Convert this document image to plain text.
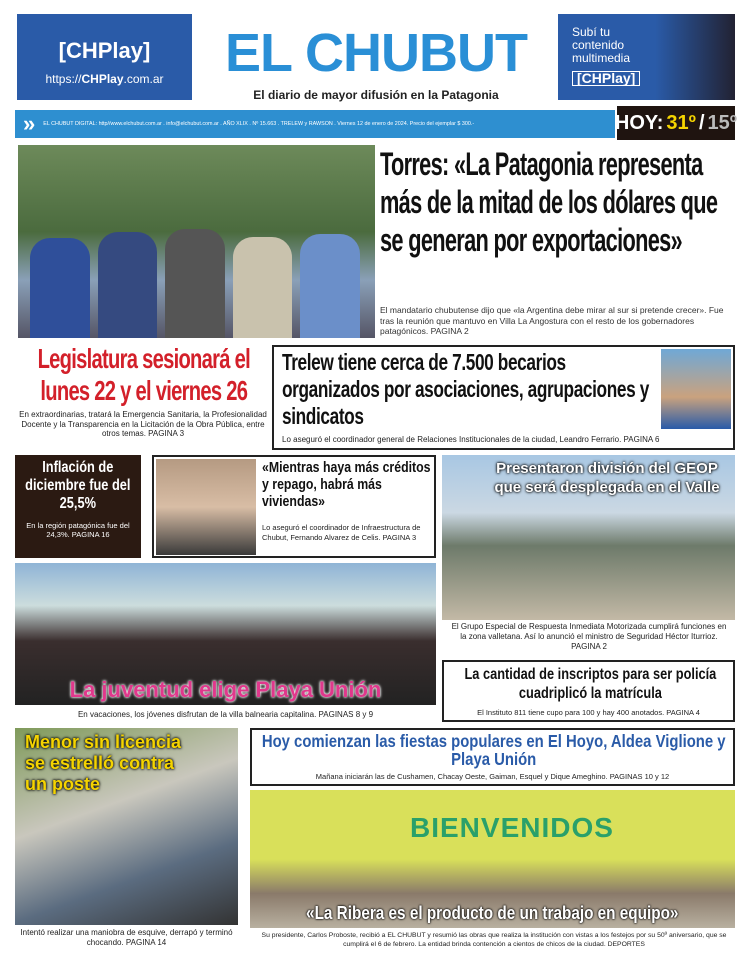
[CHPlay]
https://CHPlay.com.ar	EL CHUBUT
El diario de mayor difusión en la Patagonia
Subí tu
contenido
multimedia
[CHPlay]
»	EL CHUBUT DIGITAL: http//www.elchubut.com.ar . info@elchubut.com.ar . AÑO XLIX . Nº 15.663 . TRELEW y RAWSON . Viernes 12 de enero de 2024. Precio del ejemplar $ 300.-	HOY: 31º / 15º
Torres: «La Patagonia representa más de la mitad de los dólares que se generan por exportaciones»
El mandatario chubutense dijo que «la Argentina debe mirar al sur si pretende crecer». Fue tras la reunión que mantuvo en Villa La Angostura con el resto de los gobernadores patagónicos. PAGINA 2
Legislatura sesionará el lunes 22 y el viernes 26
En extraordinarias, tratará la Emergencia Sanitaria, la Profesionalidad Docente y la Transparencia en la Licitación de la Obra Pública, entre otros temas. PAGINA 3
Trelew tiene cerca de 7.500 becarios organizados por asociaciones, agrupaciones y sindicatos
Lo aseguró el coordinador general de Relaciones Institucionales de la ciudad, Leandro Ferrario. PAGINA 6
Inflación de diciembre fue del 25,5%
En la región patagónica fue del 24,3%. PAGINA 16
«Mientras haya más créditos y repago, habrá más viviendas»
Lo aseguró el coordinador de Infraestructura de Chubut, Fernando Alvarez de Celis. PAGINA 3
Presentaron división del GEOP que será desplegada en el Valle
El Grupo Especial de Respuesta Inmediata Motorizada cumplirá funciones en la zona valletana. Así lo anunció el ministro de Seguridad Héctor Iturrioz. PAGINA 2
La juventud elige Playa Unión
En vacaciones, los jóvenes disfrutan de la villa balnearia capitalina. PAGINAS 8 y 9
La cantidad de inscriptos para ser policía cuadriplicó la matrícula
El Instituto 811 tiene cupo para 100 y hay 400 anotados. PAGINA 4
Menor sin licencia se estrelló contra un poste
Intentó realizar una maniobra de esquive, derrapó y terminó chocando. PAGINA 14
Hoy comienzan las fiestas populares en El Hoyo, Aldea Viglione y Playa Unión
Mañana iniciarán las de Cushamen, Chacay Oeste, Gaiman, Esquel y Dique Ameghino. PAGINAS 10 y 12
BIENVENIDOS
«La Ribera es el producto de un trabajo en equipo»
Su presidente, Carlos Proboste, recibió a EL CHUBUT y resumió las obras que realiza la institución con vistas a los festejos por su 50º aniversario, que se cumplirá el 6 de febrero. La entidad brinda contención a cientos de chicos de la ciudad. DEPORTES
